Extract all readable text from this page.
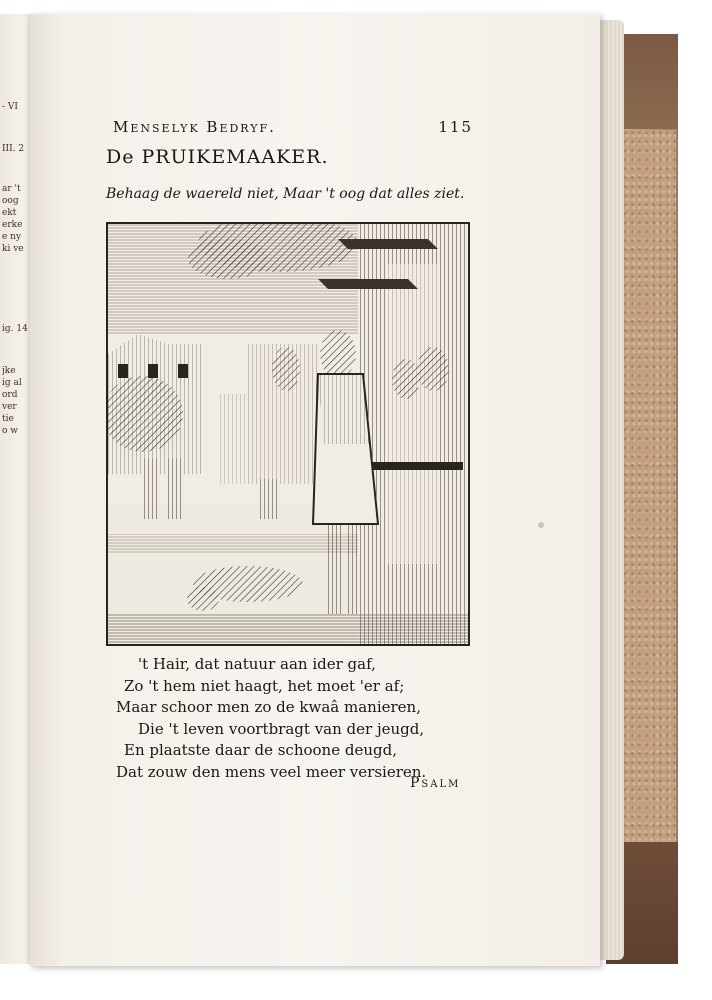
- VI
III. 2
ar 't
oog
ekt
erke
e ny
ki ve
ig. 14
jke
ig al
ord
ver
tie
o w
Menselyk Bedryf.	115
De PRUIKEMAAKER.
Behaag de waereld niet, Maar 't oog dat alles ziet.
't Hair, dat natuur aan ider gaf,
Zo 't hem niet haagt, het moet 'er af;
Maar schoor men zo de kwaâ manieren,
Die 't leven voortbragt van der jeugd,
En plaatste daar de schoone deugd,
Dat zouw den mens veel meer versieren.
Psalm
